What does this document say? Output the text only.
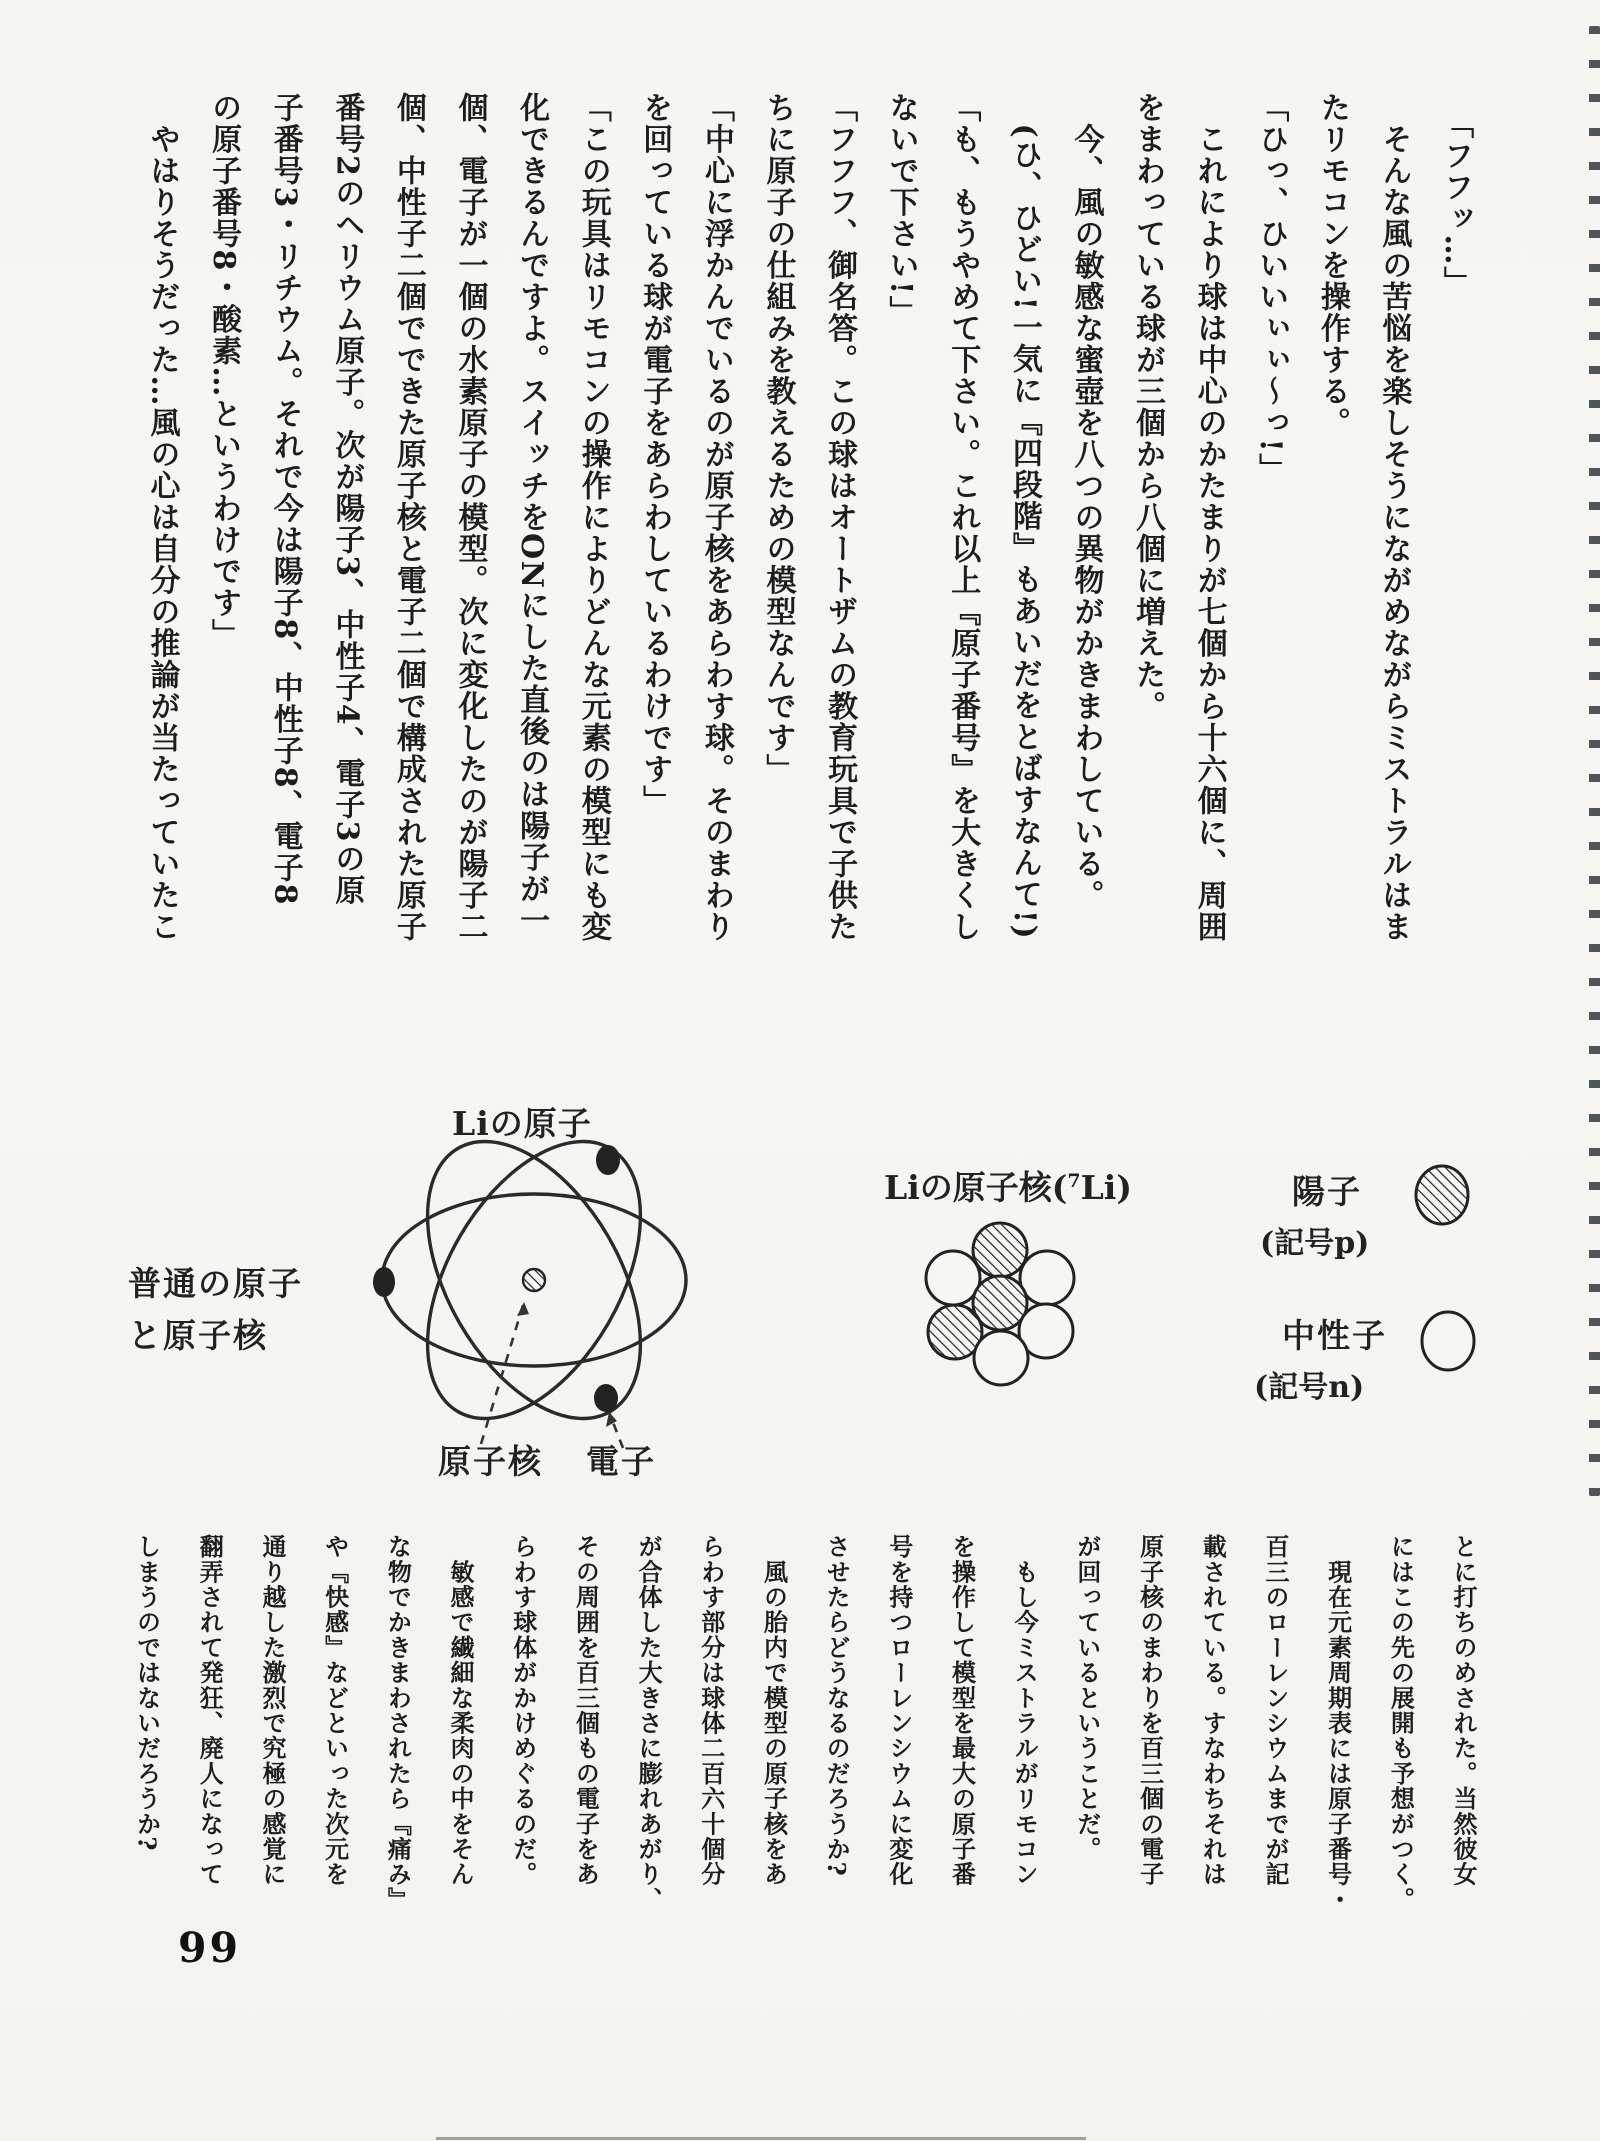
　「フフッ…」
　そんな風の苦悩を楽しそうにながめながらミストラルはま
たリモコンを操作する。
「ひっ、ひいいぃぃ〜っ!」
　これにより球は中心のかたまりが七個から十六個に、周囲
をまわっている球が三個から八個に増えた。
　今、風の敏感な蜜壺を八つの異物がかきまわしている。
　(ひ、ひどい!一気に『四段階』もあいだをとばすなんて!)
「も、もうやめて下さい。これ以上『原子番号』を大きくし
ないで下さい!」
「フフフ、御名答。この球はオートザムの教育玩具で子供た
ちに原子の仕組みを教えるための模型なんです」
「中心に浮かんでいるのが原子核をあらわす球。そのまわり
を回っている球が電子をあらわしているわけです」
「この玩具はリモコンの操作によりどんな元素の模型にも変
化できるんですよ。スイッチをONにした直後のは陽子が一
個、電子が一個の水素原子の模型。次に変化したのが陽子二
個、中性子二個でできた原子核と電子二個で構成された原子
番号2のヘリウム原子。次が陽子3、中性子4、電子3の原
子番号3・リチウム。それで今は陽子8、中性子8、電子8
の原子番号8・酸素…というわけです」
　やはりそうだった…風の心は自分の推論が当たっていたこ
普通の原子
と原子核
Liの原子
原子核 電子
Liの原子核($^7$Li)	陽子
(記号p)
中性子
(記号n)
とに打ちのめされた。当然彼女
にはこの先の展開も予想がつく。
　現在元素周期表には原子番号・
百三のローレンシウムまでが記
載されている。すなわちそれは
原子核のまわりを百三個の電子
が回っているということだ。
　もし今ミストラルがリモコン
を操作して模型を最大の原子番
号を持つローレンシウムに変化
させたらどうなるのだろうか?
　風の胎内で模型の原子核をあ
らわす部分は球体二百六十個分
が合体した大きさに膨れあがり、
その周囲を百三個もの電子をあ
らわす球体がかけめぐるのだ。
　敏感で繊細な柔肉の中をそん
な物でかきまわされたら『痛み』
や『快感』などといった次元を
通り越した激烈で究極の感覚に
翻弄されて発狂、廃人になって
しまうのではないだろうか?
99
